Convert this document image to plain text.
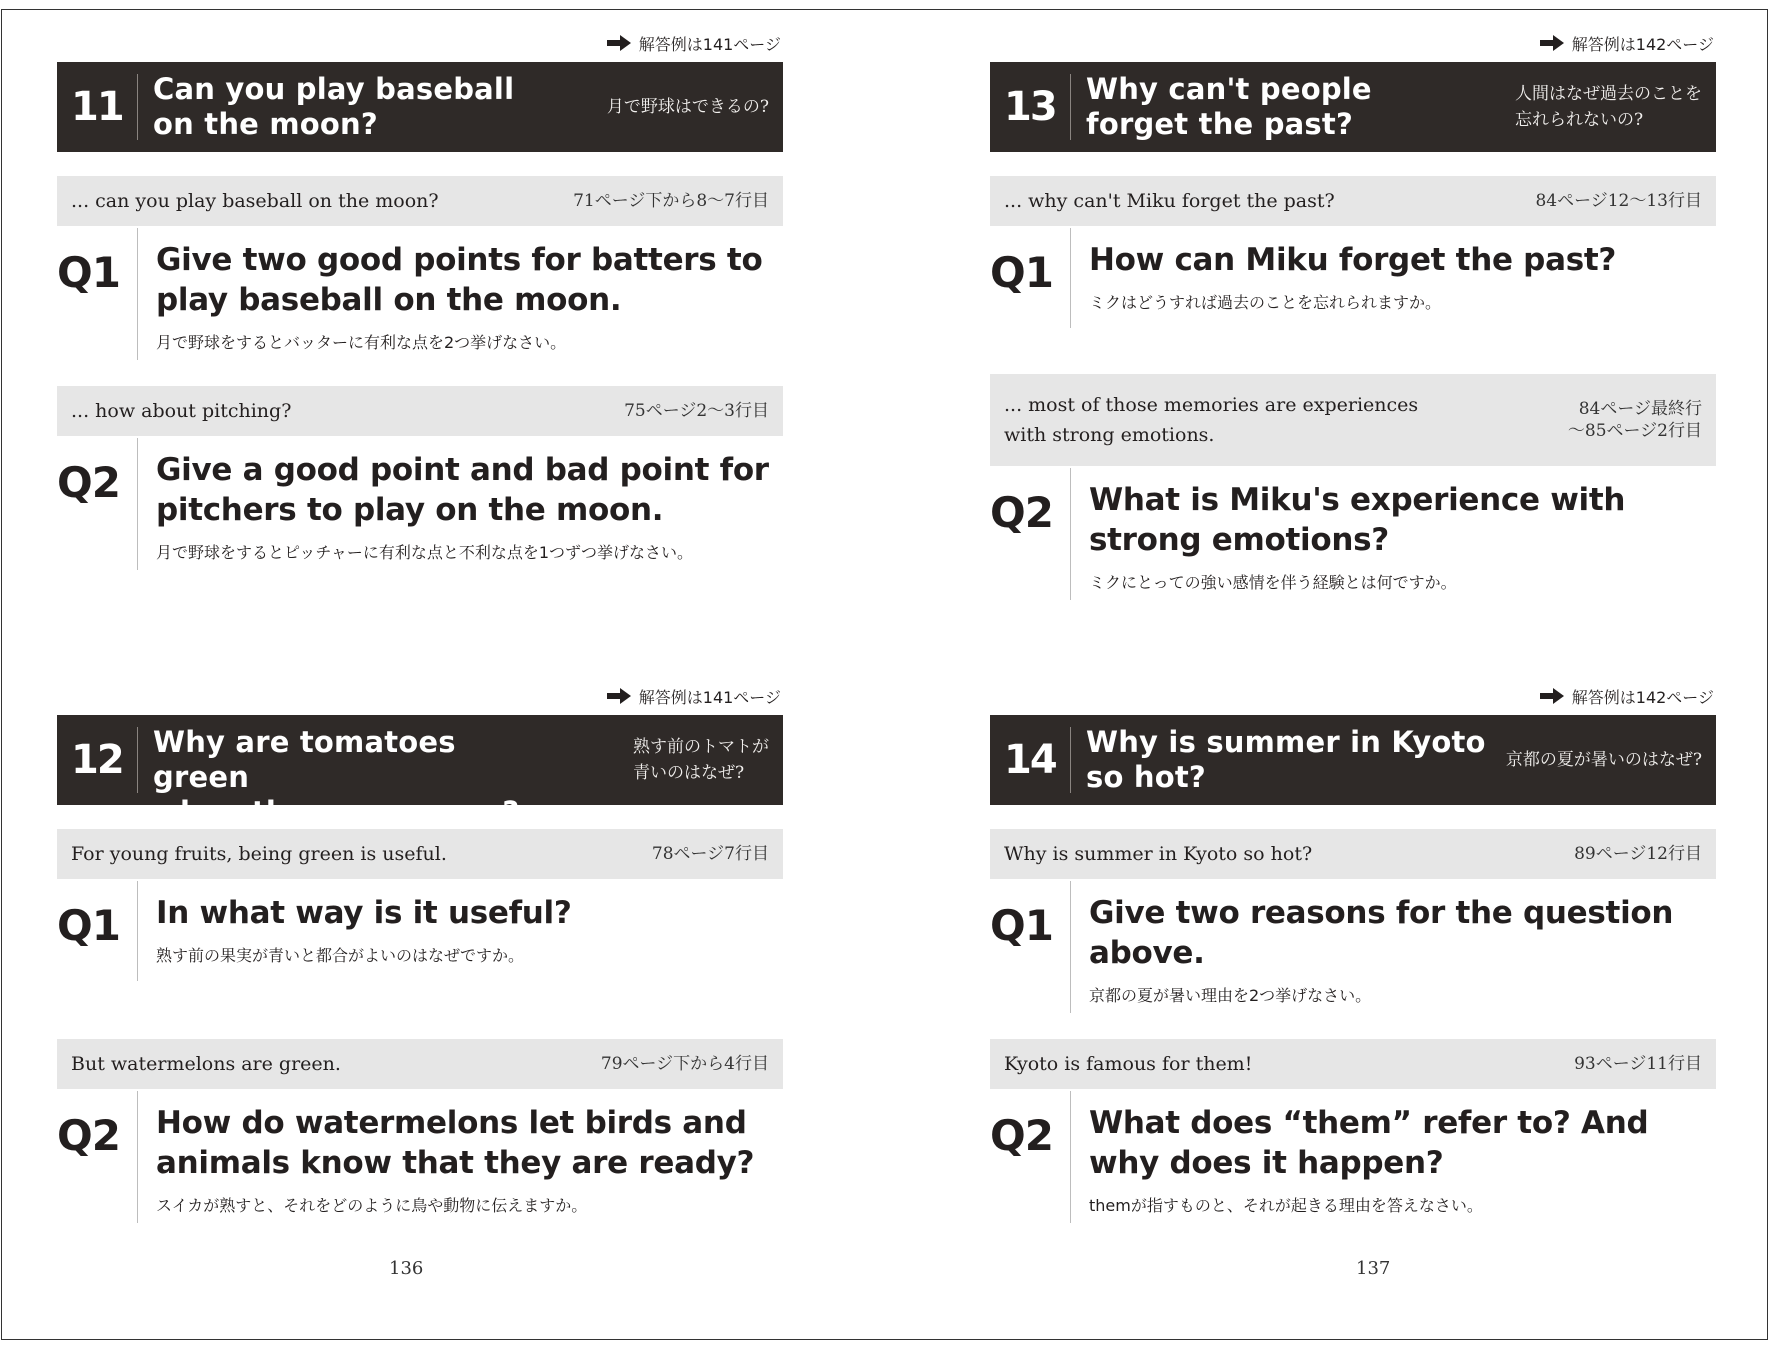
解答例は141ページ
11	Can you play baseball
on the moon?	月で野球はできるの?
... can you play baseball on the moon?	71ページ下から8～7行目
Q1 Give two good points for batters to play baseball on the moon.
月で野球をするとバッターに有利な点を2つ挙げなさい。
... how about pitching?	75ページ2～3行目
Q2 Give a good point and bad point for pitchers to play on the moon.
月で野球をするとピッチャーに有利な点と不利な点を1つずつ挙げなさい。
解答例は141ページ
12	Why are tomatoes green
when they are young?
熟す前のトマトが
青いのはなぜ?
For young fruits, being green is useful.	78ページ7行目
Q1 In what way is it useful?
熟す前の果実が青いと都合がよいのはなぜですか。
But watermelons are green.	79ページ下から4行目
Q2 How do watermelons let birds and animals know that they are ready?
スイカが熟すと、それをどのように鳥や動物に伝えますか。
解答例は142ページ
13	Why can't people
forget the past?
人間はなぜ過去のことを
忘れられないの?
... why can't Miku forget the past?	84ページ12～13行目
Q1 How can Miku forget the past?
ミクはどうすれば過去のことを忘れられますか。
... most of those memories are experiences
with strong emotions.
84ページ最終行
～85ページ2行目
Q2 What is Miku's experience with strong emotions?
ミクにとっての強い感情を伴う経験とは何ですか。
解答例は142ページ
14	Why is summer in Kyoto
so hot?	京都の夏が暑いのはなぜ?
Why is summer in Kyoto so hot?	89ページ12行目
Q1 Give two reasons for the question above.
京都の夏が暑い理由を2つ挙げなさい。
Kyoto is famous for them!	93ページ11行目
Q2 What does “them” refer to? And why does it happen?
themが指すものと、それが起きる理由を答えなさい。
136	137
